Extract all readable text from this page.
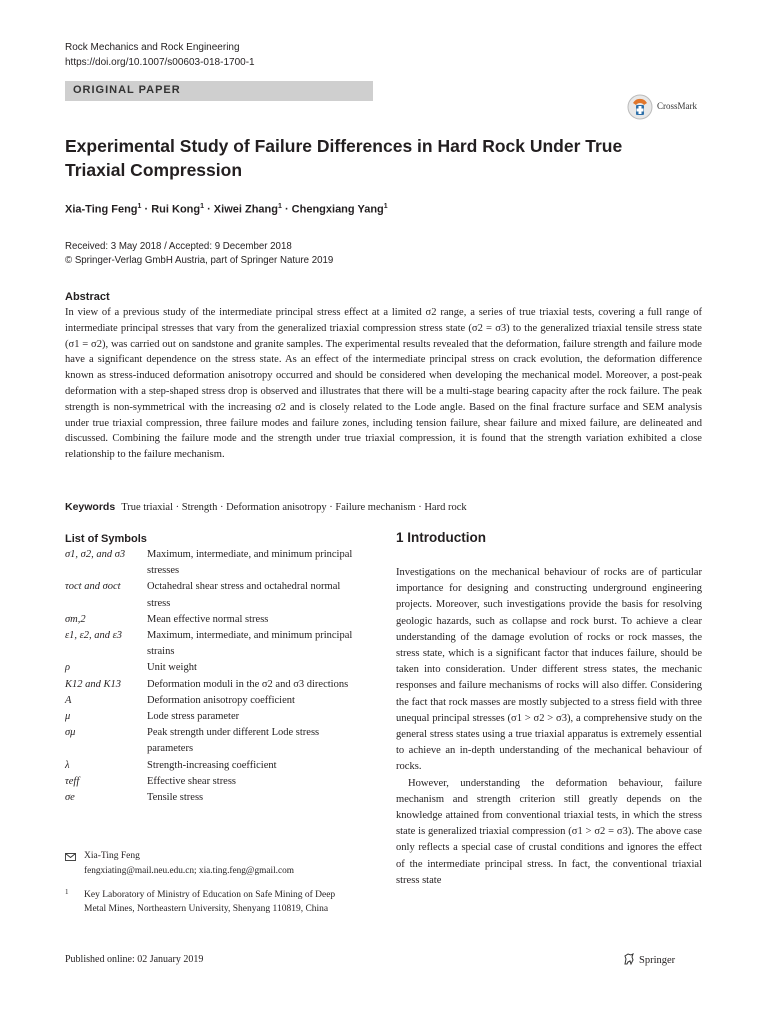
Rock Mechanics and Rock Engineering
https://doi.org/10.1007/s00603-018-1700-1
ORIGINAL PAPER
CrossMark
Experimental Study of Failure Differences in Hard Rock Under True Triaxial Compression
Xia-Ting Feng$^1$ · Rui Kong$^1$ · Xiwei Zhang$^1$ · Chengxiang Yang$^1$
Received: 3 May 2018 / Accepted: 9 December 2018
© Springer-Verlag GmbH Austria, part of Springer Nature 2019
Abstract
In view of a previous study of the intermediate principal stress effect at a limited σ2 range, a series of true triaxial tests, covering a full range of intermediate principal stresses that vary from the generalized triaxial compression stress state (σ2 = σ3) to the generalized triaxial tensile stress state (σ1 = σ2), was carried out on sandstone and granite samples. The experimental results revealed that the deformation, failure strength and failure mode have a significant dependence on the stress state. As an effect of the intermediate principal stress on crack evolution, the deformation difference known as stress-induced deformation anisotropy occurred and should be considered when developing the mechanical model. Moreover, a post-peak deformation with a step-shaped stress drop is observed and illustrates that there will be a multi-stage bearing capacity after the rock failure. The peak strength is non-symmetrical with the increasing σ2 and is closely related to the Lode angle. Based on the final fracture surface and SEM analysis under true triaxial compression, three failure modes and failure zones, including tension failure, shear failure and mixed failure, are delineated and discussed. Combining the failure mode and the strength under true triaxial compression, it is found that the strength variation exhibited a close relationship to the failure mechanism.
Keywords True triaxial · Strength · Deformation anisotropy · Failure mechanism · Hard rock
List of Symbols
σ1, σ2, and σ3	Maximum, intermediate, and minimum principal stresses
τoct and σoct	Octahedral shear stress and octahedral normal stress
σm,2	Mean effective normal stress
ε1, ε2, and ε3	Maximum, intermediate, and minimum principal strains
ρ	Unit weight
K12 and K13	Deformation moduli in the σ2 and σ3 directions
A	Deformation anisotropy coefficient
μ	Lode stress parameter
σμ	Peak strength under different Lode stress parameters
λ	Strength-increasing coefficient
τeff	Effective shear stress
σe	Tensile stress
Xia-Ting Feng
fengxiating@mail.neu.edu.cn; xia.ting.feng@gmail.com
1 Key Laboratory of Ministry of Education on Safe Mining of Deep Metal Mines, Northeastern University, Shenyang 110819, China
1 Introduction

Investigations on the mechanical behaviour of rocks are of particular importance for designing and constructing underground engineering projects. Moreover, such investigations provide the basis for resolving geologic hazards, such as collapse and rock burst. To achieve a clear understanding of the damage evolution of rocks or rock masses, the stress state, which is a significant factor that induces failure, should be taken into consideration. Under different stress states, the mechanic responses and failure mechanisms of rocks will also differ. Considering the fact that rock masses are mostly subjected to a stress field with three unequal principal stresses (σ1 > σ2 > σ3), a comprehensive study on the general stress states using a true triaxial apparatus is extremely essential to achieve an in-depth understanding of the mechanical behaviour of rocks.

However, understanding the deformation behaviour, failure mechanism and strength criterion still greatly depends on the knowledge attained from conventional triaxial tests, in which the stress state is generalized triaxial compression (σ1 > σ2 = σ3). The above case only reflects a special case of crustal conditions and ignores the effect of the intermediate principal stress. In fact, the conventional triaxial stress state

Published online: 02 January 2019	Springer
